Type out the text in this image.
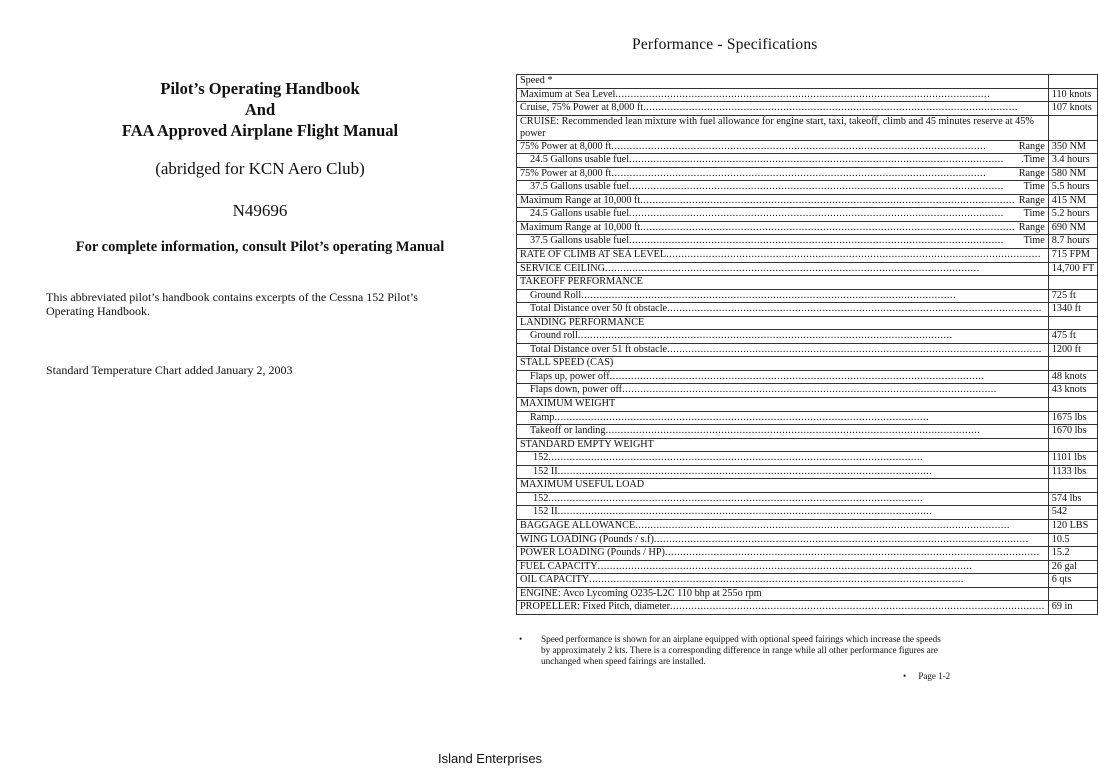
Pilot’s Operating Handbook
And
FAA Approved Airplane Flight Manual
(abridged for KCN Aero Club)
N49696
For complete information, consult Pilot’s operating Manual
This abbreviated pilot’s handbook contains excerpts of the Cessna 152 Pilot’s Operating Handbook.
Standard Temperature Chart added January 2, 2003
Performance - Specifications
Speed *	

Maximum at Sea Level
.....	110 knots

Cruise, 75% Power at 8,000 ft
.....	107 knots

CRUISE: Recommended lean mixture with fuel allowance for engine start, taxi, takeoff, climb and 45 minutes reserve at 45% power	

75% Power at 8,000 ft ..... Range	350 NM

24.5 Gallons usable fuel ..... .Time	3.4 hours

75% Power at 8,000 ft ..... Range	580 NM

37.5 Gallons usable fuel ..... Time	5.5 hours

Maximum Range at 10,000 ft ..... Range	415 NM

24.5 Gallons usable fuel ..... Time	5.2 hours

Maximum Range at 10,000 ft ..... Range	690 NM

37.5 Gallons usable fuel ..... Time	8.7 hours

RATE OF CLIMB AT SEA LEVEL
.....	715 FPM

SERVICE CEILING
.....	14,700 FT

TAKEOFF PERFORMANCE	

Ground Roll
.....	725 ft

Total Distance over 50 ft obstacle
.....	1340 ft

LANDING PERFORMANCE	

Ground roll
.....	475 ft

Total Distance over 51 ft obstacle
.....	1200 ft

STALL SPEED (CAS)	

Flaps up, power off
.....	48 knots

Flaps down, power off
.....	43 knots

MAXIMUM WEIGHT	

Ramp
.....	1675 lbs

Takeoff or landing
.....	1670 lbs

STANDARD EMPTY WEIGHT	

152
.....	1101 lbs

152 II
.....	1133 lbs

MAXIMUM USEFUL LOAD	

152
.....	574 lbs

152 II
.....	542

BAGGAGE ALLOWANCE
.....	120 LBS

WING LOADING (Pounds / s.f)
.....	10.5

POWER LOADING (Pounds / HP)
.....	15.2

FUEL CAPACITY
.....	26 gal

OIL CAPACITY
.....	6 qts

ENGINE: Avco Lycoming O235-L2C 110 bhp at 255o rpm	

PROPELLER: Fixed Pitch, diameter
.....	69 in
• Speed performance is shown for an airplane equipped with optional speed fairings which increase the speeds by approximately 2 kts. There is a corresponding difference in range while all other performance figures are unchanged when speed fairings are installed.
• Page 1-2
Island Enterprises
